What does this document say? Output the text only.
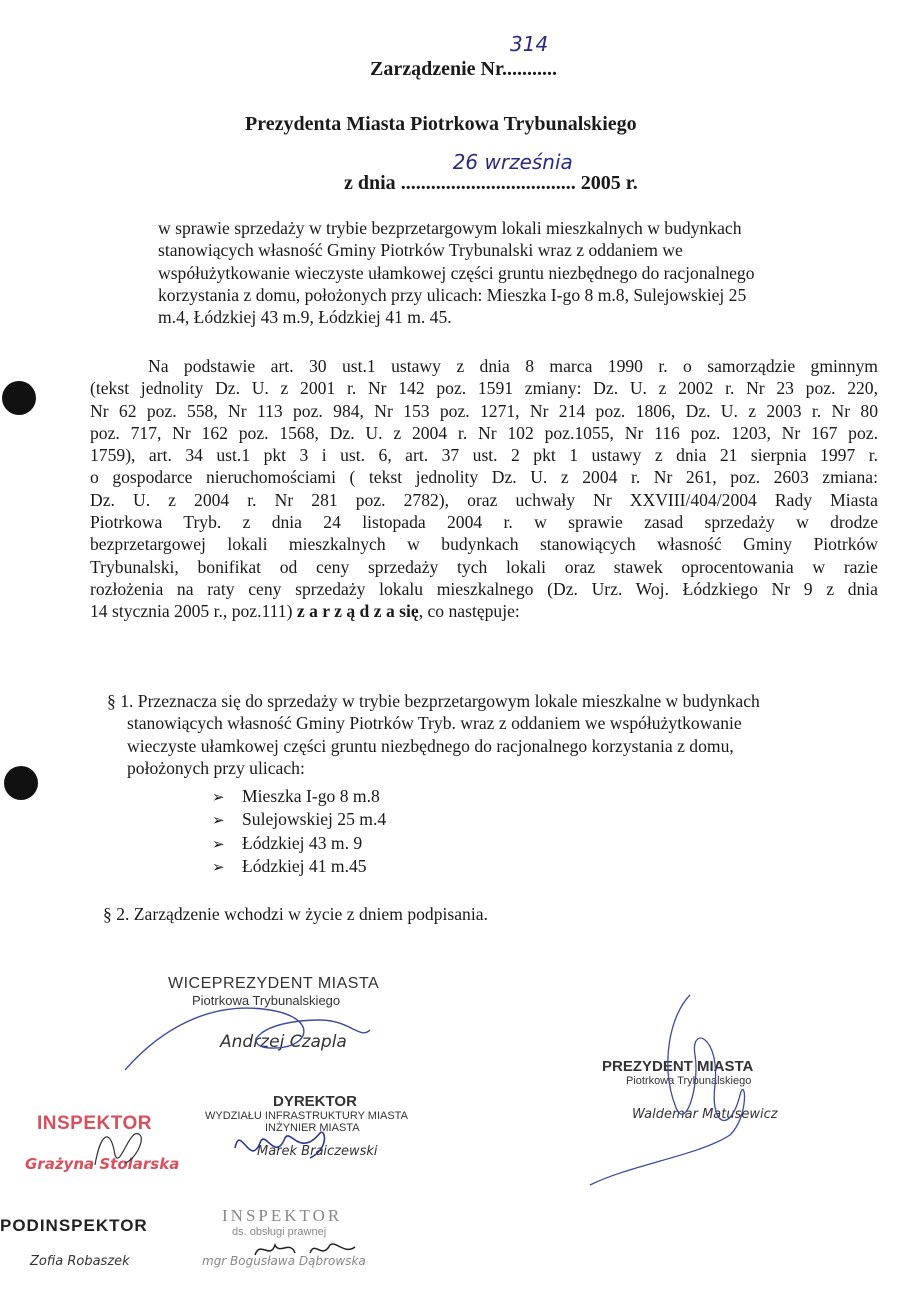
Zarządzenie Nr...........
314
Prezydenta Miasta Piotrkowa Trybunalskiego
z dnia ...................................
26 września
2005 r.
w sprawie sprzedaży w trybie bezprzetargowym lokali mieszkalnych w budynkach
stanowiących własność Gminy Piotrków Trybunalski wraz z oddaniem we
współużytkowanie wieczyste ułamkowej części gruntu niezbędnego do racjonalnego
korzystania z domu, położonych przy ulicach: Mieszka I-go 8 m.8, Sulejowskiej 25
m.4, Łódzkiej 43 m.9, Łódzkiej 41 m. 45.
Na podstawie art. 30 ust.1 ustawy z dnia 8 marca 1990 r. o samorządzie gminnym
(tekst jednolity Dz. U. z 2001 r. Nr 142 poz. 1591 zmiany: Dz. U. z 2002 r. Nr 23 poz. 220,
Nr 62 poz. 558, Nr 113 poz. 984, Nr 153 poz. 1271, Nr 214 poz. 1806, Dz. U. z 2003 r. Nr 80
poz. 717, Nr 162 poz. 1568, Dz. U. z 2004 r. Nr 102 poz.1055, Nr 116 poz. 1203, Nr 167 poz.
1759), art. 34 ust.1 pkt 3 i ust. 6, art. 37 ust. 2 pkt 1 ustawy z dnia 21 sierpnia 1997 r.
o gospodarce nieruchomościami ( tekst jednolity Dz. U. z 2004 r. Nr 261, poz. 2603 zmiana:
Dz. U. z 2004 r. Nr 281 poz. 2782), oraz uchwały Nr XXVIII/404/2004 Rady Miasta
Piotrkowa Tryb. z dnia 24 listopada 2004 r. w sprawie zasad sprzedaży w drodze
bezprzetargowej lokali mieszkalnych w budynkach stanowiących własność Gminy Piotrków
Trybunalski, bonifikat od ceny sprzedaży tych lokali oraz stawek oprocentowania w razie
rozłożenia na raty ceny sprzedaży lokalu mieszkalnego (Dz. Urz. Woj. Łódzkiego Nr 9 z dnia
14 stycznia 2005 r., poz.111) z a r z ą d z a się, co następuje:
§ 1. Przeznacza się do sprzedaży w trybie bezprzetargowym lokale mieszkalne w budynkach
stanowiących własność Gminy Piotrków Tryb. wraz z oddaniem we współużytkowanie
wieczyste ułamkowej części gruntu niezbędnego do racjonalnego korzystania z domu,
położonych przy ulicach:
➢ Mieszka I-go 8 m.8
➢ Sulejowskiej 25 m.4
➢ Łódzkiej 43 m. 9
➢ Łódzkiej 41 m.45
§ 2. Zarządzenie wchodzi w życie z dniem podpisania.
WICEPREZYDENT MIASTA
Piotrkowa Trybunalskiego
Andrzej Czapla
DYREKTOR
WYDZIAŁU INFRASTRUKTURY MIASTA
INŻYNIER MIASTA
Marek Braiczewski
INSPEKTOR
Grażyna Stolarska
PODINSPEKTOR
Zofia Robaszek
INSPEKTOR
ds. obsługi prawnej
mgr Bogusława Dąbrowska
PREZYDENT MIASTA
Piotrkowa Trybunalskiego
Waldemar Matusewicz
